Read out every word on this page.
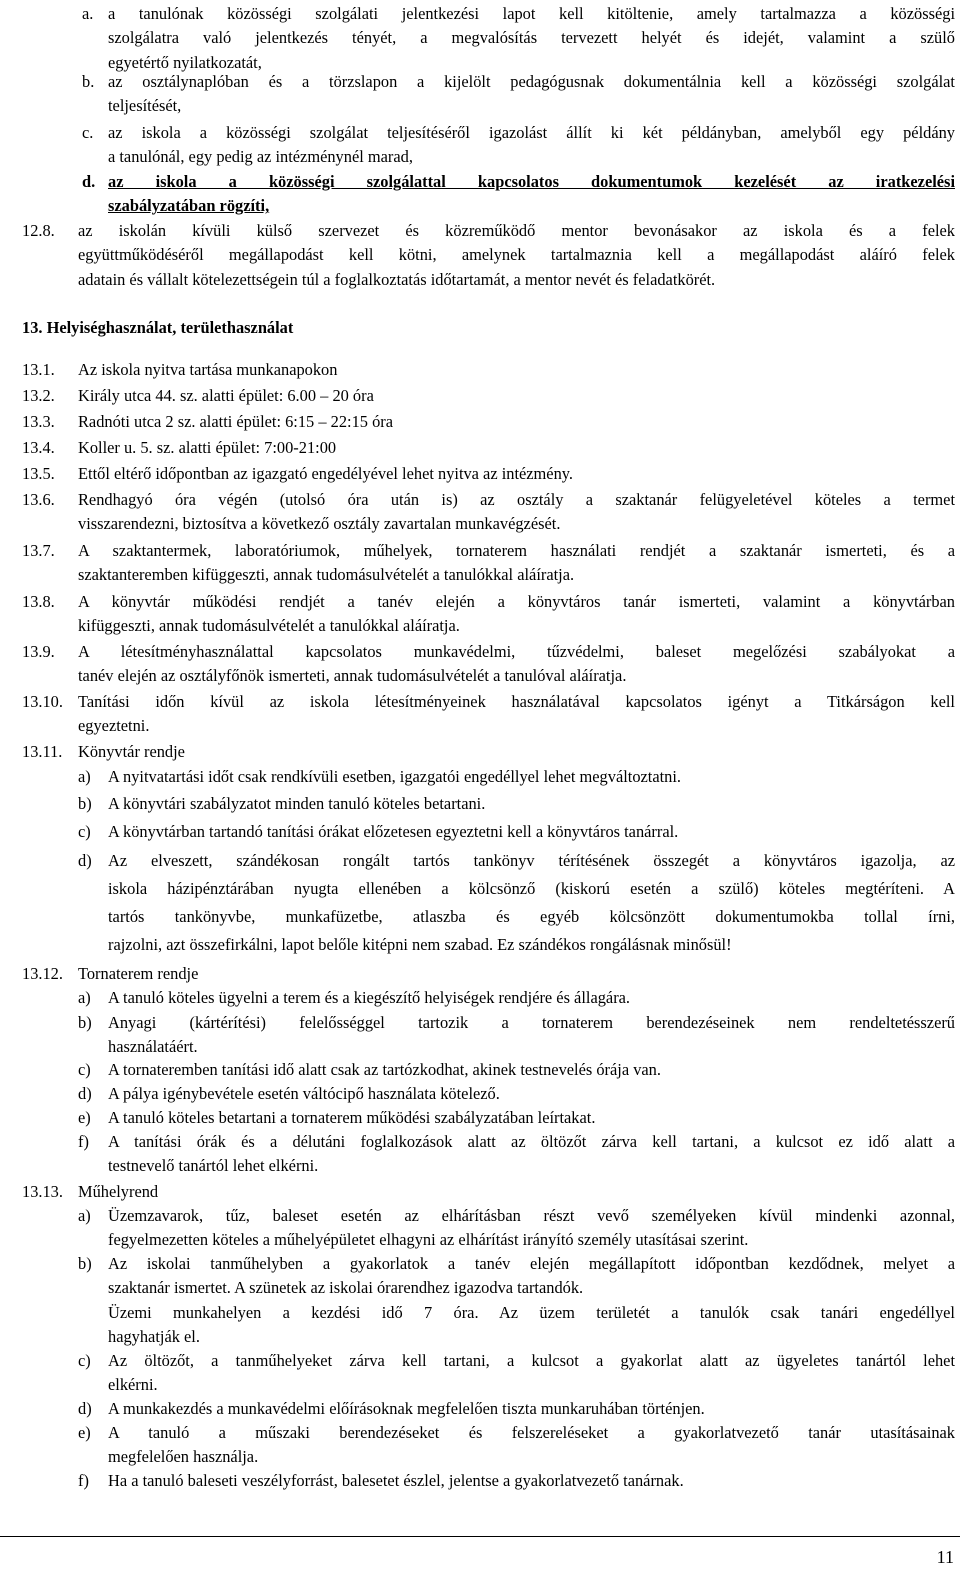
a. a tanulónak közösségi szolgálati jelentkezési lapot kell kitöltenie, amely tartalmazza a közösségi
szolgálatra való jelentkezés tényét, a megvalósítás tervezett helyét és idejét, valamint a szülő
egyetértő nyilatkozatát,
b. az osztálynaplóban és a törzslapon a kijelölt pedagógusnak dokumentálnia kell a közösségi szolgálat
teljesítését,
c. az iskola a közösségi szolgálat teljesítéséről igazolást állít ki két példányban, amelyből egy példány
a tanulónál, egy pedig az intézménynél marad,
d. az iskola a közösségi szolgálattal kapcsolatos dokumentumok kezelését az iratkezelési
szabályzatában rögzíti,
12.8.	az iskolán kívüli külső szervezet és közreműködő mentor bevonásakor az iskola és a felek
együttműködéséről megállapodást kell kötni, amelynek tartalmaznia kell a megállapodást aláíró felek
adatain és vállalt kötelezettségein túl a foglalkoztatás időtartamát, a mentor nevét és feladatkörét.
13. Helyiséghasználat, területhasználat
13.1.	Az iskola nyitva tartása munkanapokon
13.2.	Király utca 44. sz. alatti épület: 6.00 – 20 óra
13.3.	Radnóti utca 2 sz. alatti épület: 6:15 – 22:15 óra
13.4.	Koller u. 5. sz. alatti épület: 7:00-21:00
13.5.	Ettől eltérő időpontban az igazgató engedélyével lehet nyitva az intézmény.
13.6.	Rendhagyó óra végén (utolsó óra után is) az osztály a szaktanár felügyeletével köteles a termet
visszarendezni, biztosítva a következő osztály zavartalan munkavégzését.
13.7.	A szaktantermek, laboratóriumok, műhelyek, tornaterem használati rendjét a szaktanár ismerteti, és a
szaktanteremben kifüggeszti, annak tudomásulvételét a tanulókkal aláíratja.
13.8.	A könyvtár működési rendjét a tanév elején a könyvtáros tanár ismerteti, valamint a könyvtárban
kifüggeszti, annak tudomásulvételét a tanulókkal aláíratja.
13.9.	A létesítményhasználattal kapcsolatos munkavédelmi, tűzvédelmi, baleset megelőzési szabályokat a
tanév elején az osztályfőnök ismerteti, annak tudomásulvételét a tanulóval aláíratja.
13.10. Tanítási időn kívül az iskola létesítményeinek használatával kapcsolatos igényt a Titkárságon kell
egyeztetni.
13.11. Könyvtár rendje
a)	A nyitvatartási időt csak rendkívüli esetben, igazgatói engedéllyel lehet megváltoztatni.
b) A könyvtári szabályzatot minden tanuló köteles betartani.
c)	A könyvtárban tartandó tanítási órákat előzetesen egyeztetni kell a könyvtáros tanárral.
d) Az elveszett, szándékosan rongált tartós tankönyv térítésének összegét a könyvtáros igazolja, az
iskola házipénztárában nyugta ellenében a kölcsönző (kiskorú esetén a szülő) köteles megtéríteni. A
tartós tankönyvbe, munkafüzetbe, atlaszba és egyéb kölcsönzött dokumentumokba tollal írni,
rajzolni, azt összefirkálni, lapot belőle kitépni nem szabad. Ez szándékos rongálásnak minősül!
13.12. Tornaterem rendje
a)	A tanuló köteles ügyelni a terem és a kiegészítő helyiségek rendjére és állagára.
b) Anyagi (kártérítési) felelősséggel tartozik a tornaterem berendezéseinek nem rendeltetésszerű
használatáért.
c)	A tornateremben tanítási idő alatt csak az tartózkodhat, akinek testnevelés órája van.
d) A pálya igénybevétele esetén váltócipő használata kötelező.
e)	A tanuló köteles betartani a tornaterem működési szabályzatában leírtakat.
f)	A tanítási órák és a délutáni foglalkozások alatt az öltözőt zárva kell tartani, a kulcsot ez idő alatt a
testnevelő tanártól lehet elkérni.
13.13. Műhelyrend
a)	Üzemzavarok, tűz, baleset esetén az elhárításban részt vevő személyeken kívül mindenki azonnal,
fegyelmezetten köteles a műhelyépületet elhagyni az elhárítást irányító személy utasításai szerint.
b) Az iskolai tanműhelyben a gyakorlatok a tanév elején megállapított időpontban kezdődnek, melyet a
szaktanár ismertet. A szünetek az iskolai órarendhez igazodva tartandók.
Üzemi munkahelyen a kezdési idő 7 óra. Az üzem területét a tanulók csak tanári engedéllyel
hagyhatják el.
c)	Az öltözőt, a tanműhelyeket zárva kell tartani, a kulcsot a gyakorlat alatt az ügyeletes tanártól lehet
elkérni.
d) A munkakezdés a munkavédelmi előírásoknak megfelelően tiszta munkaruhában történjen.
e)	A tanuló a műszaki berendezéseket és felszereléseket a gyakorlatvezető tanár utasításainak
megfelelően használja.
f)	Ha a tanuló baleseti veszélyforrást, balesetet észlel, jelentse a gyakorlatvezető tanárnak.
11
